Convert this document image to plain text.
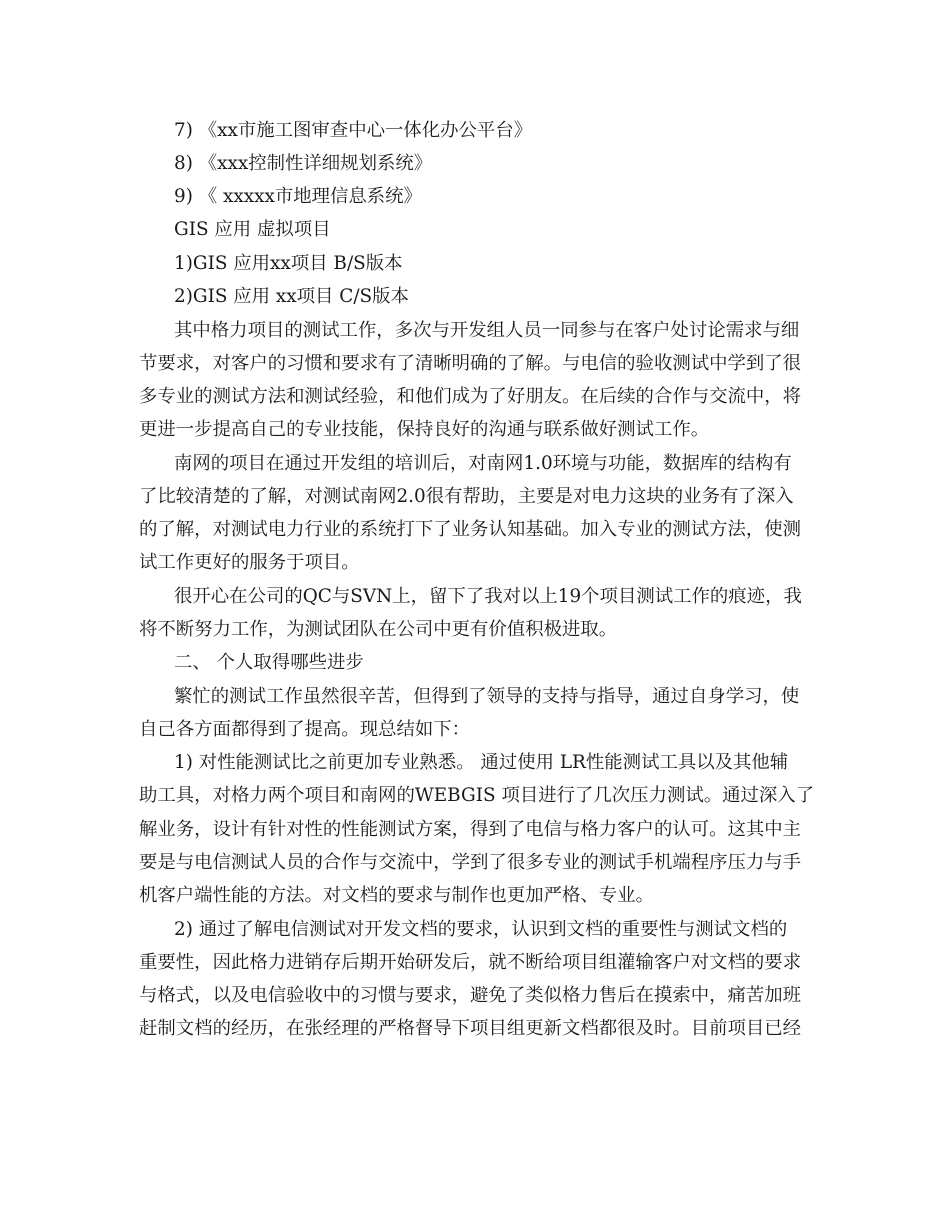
7) 《xx市施工图审查中心一体化办公平台》
8) 《xxx控制性详细规划系统》
9) 《 xxxxx市地理信息系统》
GIS 应用 虚拟项目
1)GIS 应用xx项目 B/S版本
2)GIS 应用 xx项目 C/S版本
其中格力项目的测试工作，多次与开发组人员一同参与在客户处讨论需求与细
节要求，对客户的习惯和要求有了清晰明确的了解。与电信的验收测试中学到了很
多专业的测试方法和测试经验，和他们成为了好朋友。在后续的合作与交流中，将
更进一步提高自己的专业技能，保持良好的沟通与联系做好测试工作。
南网的项目在通过开发组的培训后，对南网1.0环境与功能，数据库的结构有
了比较清楚的了解，对测试南网2.0很有帮助，主要是对电力这块的业务有了深入
的了解，对测试电力行业的系统打下了业务认知基础。加入专业的测试方法，使测
试工作更好的服务于项目。
很开心在公司的QC与SVN上，留下了我对以上19个项目测试工作的痕迹，我
将不断努力工作，为测试团队在公司中更有价值积极进取。
二、 个人取得哪些进步
繁忙的测试工作虽然很辛苦，但得到了领导的支持与指导，通过自身学习，使
自己各方面都得到了提高。现总结如下：
1) 对性能测试比之前更加专业熟悉。 通过使用 LR性能测试工具以及其他辅
助工具，对格力两个项目和南网的WEBGIS 项目进行了几次压力测试。通过深入了
解业务，设计有针对性的性能测试方案，得到了电信与格力客户的认可。这其中主
要是与电信测试人员的合作与交流中，学到了很多专业的测试手机端程序压力与手
机客户端性能的方法。对文档的要求与制作也更加严格、专业。
2) 通过了解电信测试对开发文档的要求，认识到文档的重要性与测试文档的
重要性，因此格力进销存后期开始研发后，就不断给项目组灌输客户对文档的要求
与格式，以及电信验收中的习惯与要求，避免了类似格力售后在摸索中，痛苦加班
赶制文档的经历，在张经理的严格督导下项目组更新文档都很及时。目前项目已经
